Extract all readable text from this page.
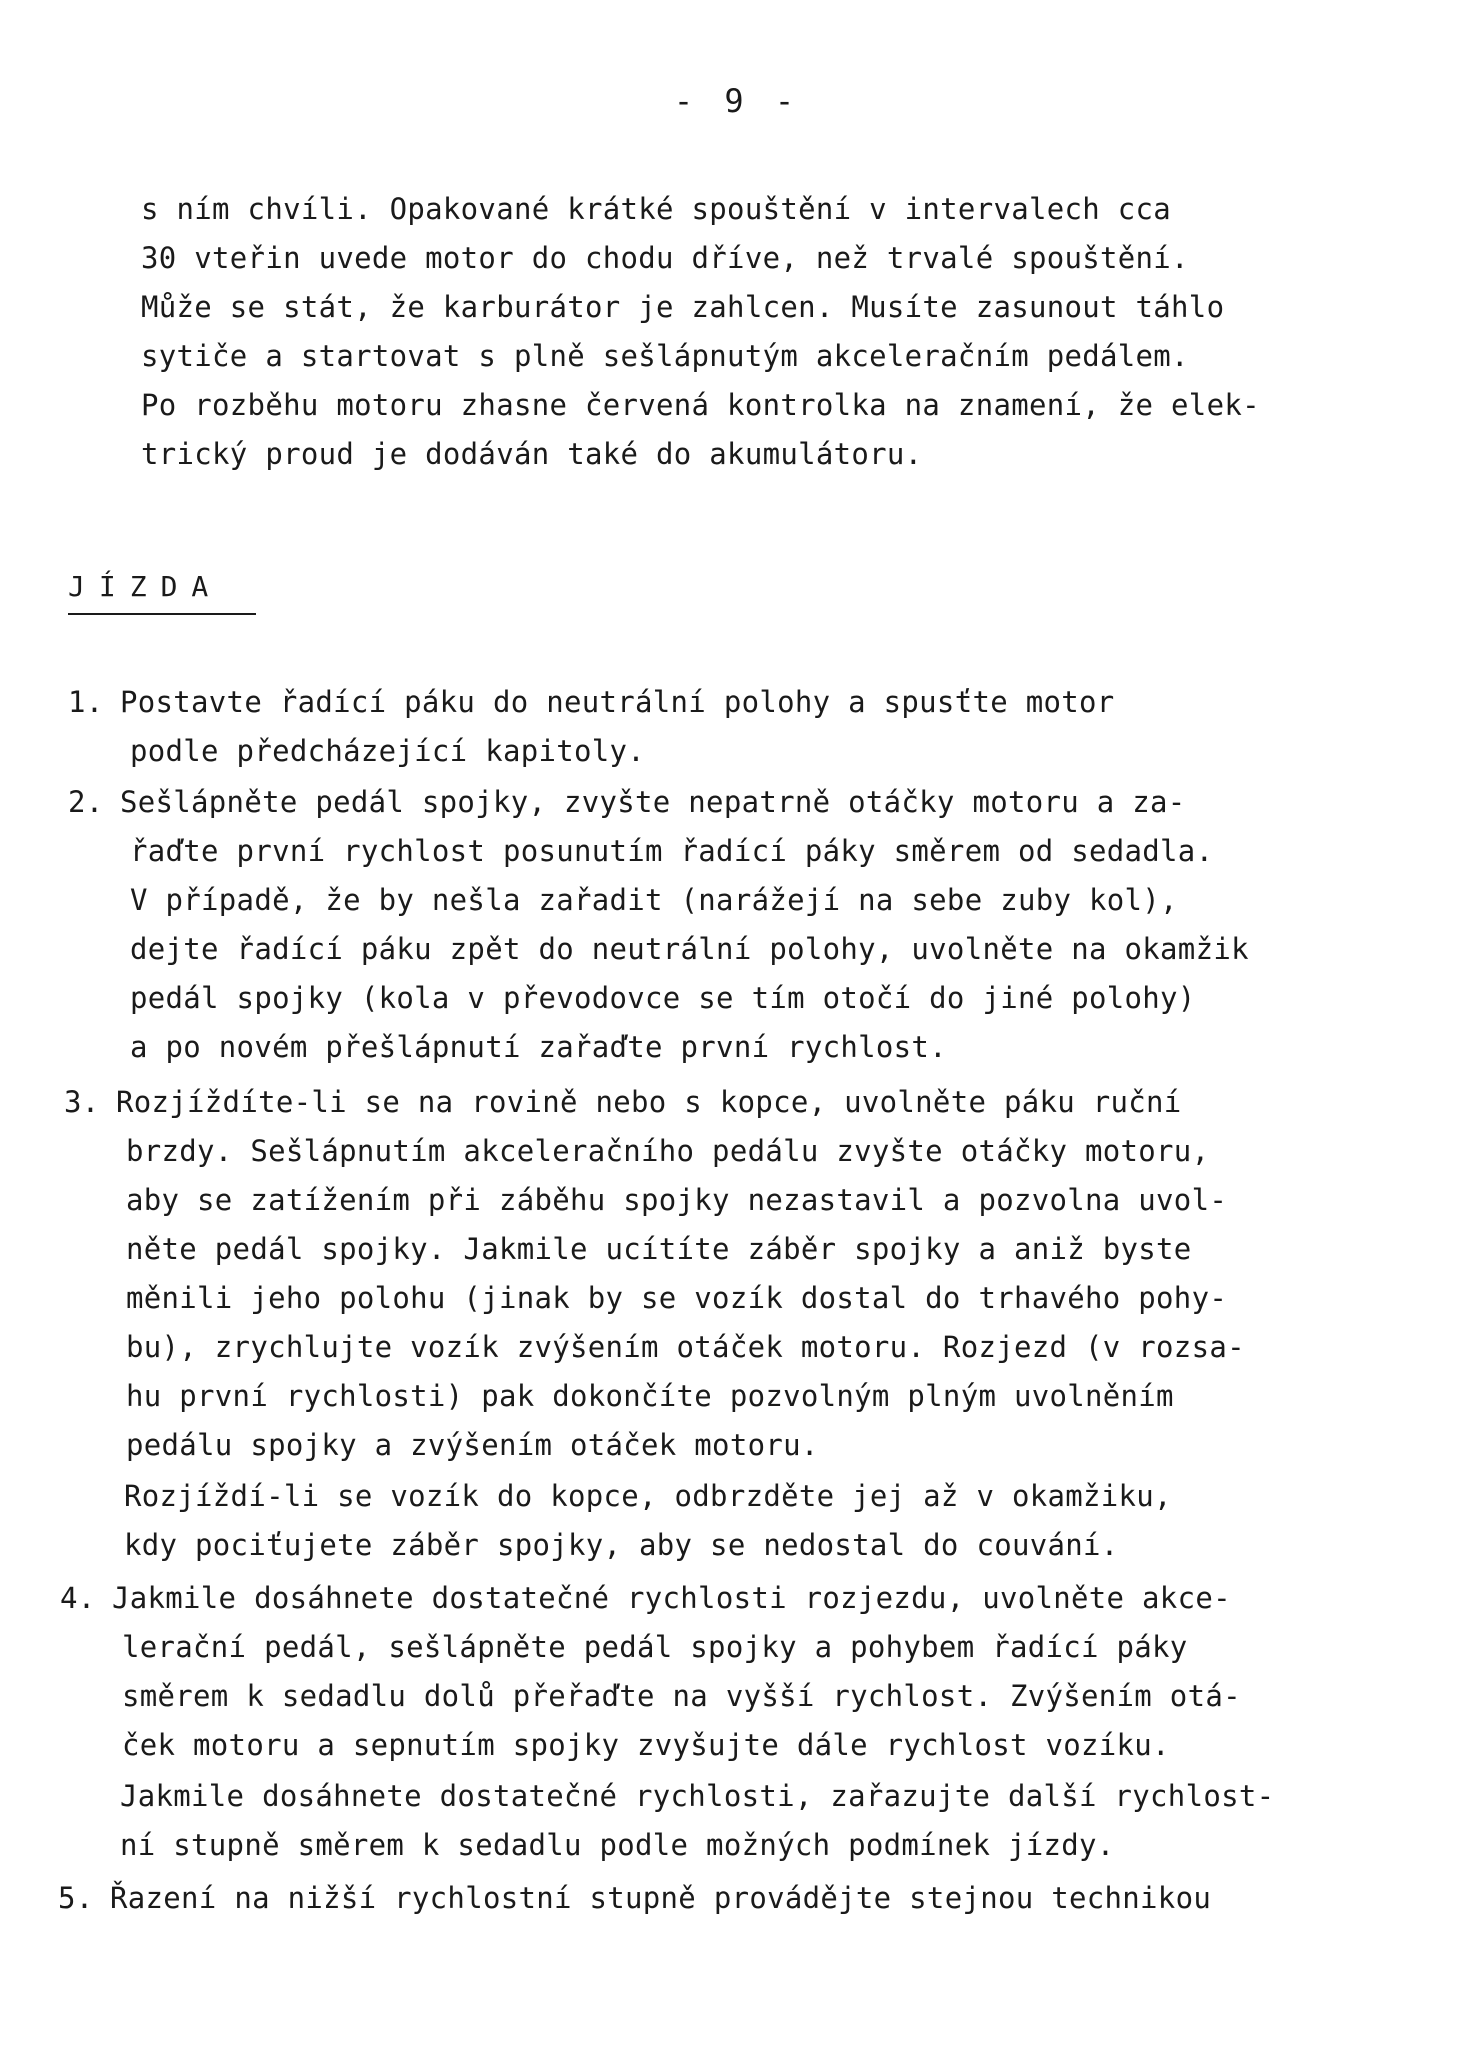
- 9 -
s ním chvíli. Opakované krátké spouštění v intervalech cca
30 vteřin uvede motor do chodu dříve, než trvalé spouštění.
Může se stát, že karburátor je zahlcen. Musíte zasunout táhlo
sytiče a startovat s plně sešlápnutým akceleračním pedálem.
Po rozběhu motoru zhasne červená kontrolka na znamení, že elek-
trický proud je dodáván také do akumulátoru.
JÍZDA
1. Postavte řadící páku do neutrální polohy a spusťte motor
podle předcházející kapitoly.
2. Sešlápněte pedál spojky, zvyšte nepatrně otáčky motoru a za-
řaďte první rychlost posunutím řadící páky směrem od sedadla.
V případě, že by nešla zařadit (narážejí na sebe zuby kol),
dejte řadící páku zpět do neutrální polohy, uvolněte na okamžik
pedál spojky (kola v převodovce se tím otočí do jiné polohy)
a po novém přešlápnutí zařaďte první rychlost.
3. Rozjíždíte-li se na rovině nebo s kopce, uvolněte páku ruční
brzdy. Sešlápnutím akceleračního pedálu zvyšte otáčky motoru,
aby se zatížením při záběhu spojky nezastavil a pozvolna uvol-
něte pedál spojky. Jakmile ucítíte záběr spojky a aniž byste
měnili jeho polohu (jinak by se vozík dostal do trhavého pohy-
bu), zrychlujte vozík zvýšením otáček motoru. Rozjezd (v rozsa-
hu první rychlosti) pak dokončíte pozvolným plným uvolněním
pedálu spojky a zvýšením otáček motoru.
Rozjíždí-li se vozík do kopce, odbrzděte jej až v okamžiku,
kdy pociťujete záběr spojky, aby se nedostal do couvání.
4. Jakmile dosáhnete dostatečné rychlosti rozjezdu, uvolněte akce-
lerační pedál, sešlápněte pedál spojky a pohybem řadící páky
směrem k sedadlu dolů přeřaďte na vyšší rychlost. Zvýšením otá-
ček motoru a sepnutím spojky zvyšujte dále rychlost vozíku.
Jakmile dosáhnete dostatečné rychlosti, zařazujte další rychlost-
ní stupně směrem k sedadlu podle možných podmínek jízdy.
5. Řazení na nižší rychlostní stupně provádějte stejnou technikou
